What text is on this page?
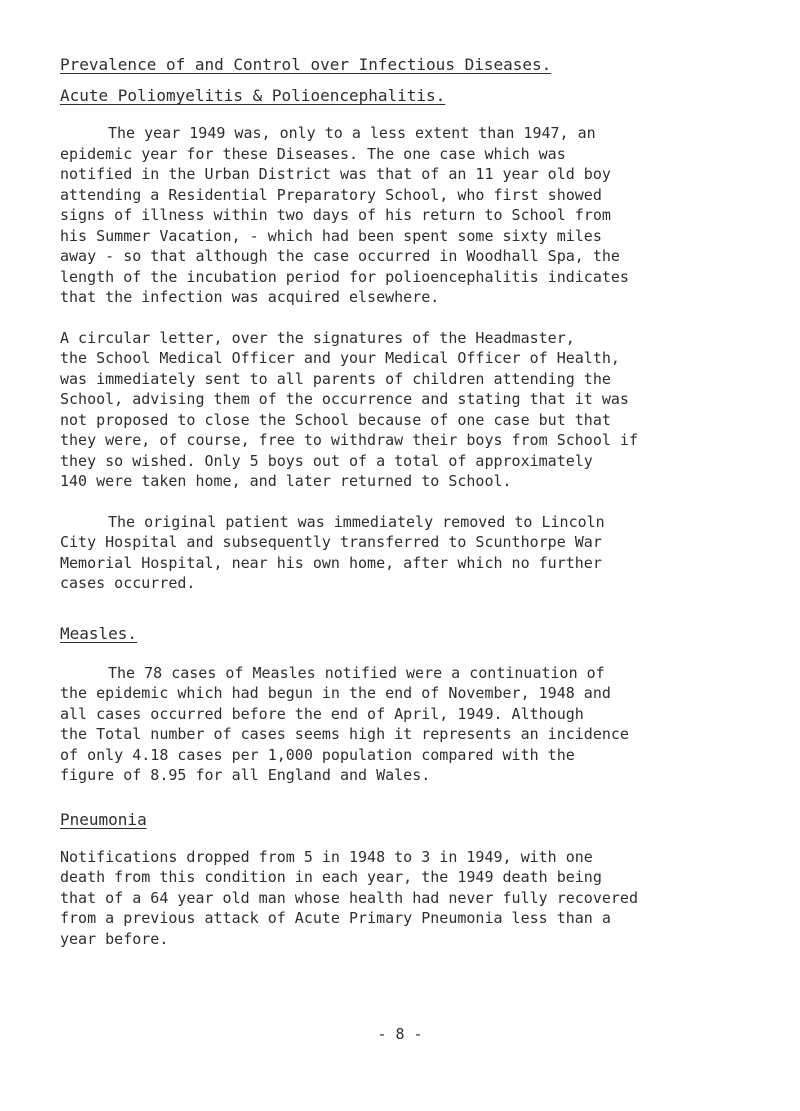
Prevalence of and Control over Infectious Diseases.
Acute Poliomyelitis & Polioencephalitis.
The year 1949 was, only to a less extent than 1947, an
epidemic year for these Diseases. The one case which was
notified in the Urban District was that of an 11 year old boy
attending a Residential Preparatory School, who first showed
signs of illness within two days of his return to School from
his Summer Vacation, - which had been spent some sixty miles
away - so that although the case occurred in Woodhall Spa, the
length of the incubation period for polioencephalitis indicates
that the infection was acquired elsewhere.
A circular letter, over the signatures of the Headmaster,
the School Medical Officer and your Medical Officer of Health,
was immediately sent to all parents of children attending the
School, advising them of the occurrence and stating that it was
not proposed to close the School because of one case but that
they were, of course, free to withdraw their boys from School if
they so wished. Only 5 boys out of a total of approximately
140 were taken home, and later returned to School.
The original patient was immediately removed to Lincoln
City Hospital and subsequently transferred to Scunthorpe War
Memorial Hospital, near his own home, after which no further
cases occurred.
Measles.
The 78 cases of Measles notified were a continuation of
the epidemic which had begun in the end of November, 1948 and
all cases occurred before the end of April, 1949. Although
the Total number of cases seems high it represents an incidence
of only 4.18 cases per 1,000 population compared with the
figure of 8.95 for all England and Wales.
Pneumonia
Notifications dropped from 5 in 1948 to 3 in 1949, with one
death from this condition in each year, the 1949 death being
that of a 64 year old man whose health had never fully recovered
from a previous attack of Acute Primary Pneumonia less than a
year before.
- 8 -
